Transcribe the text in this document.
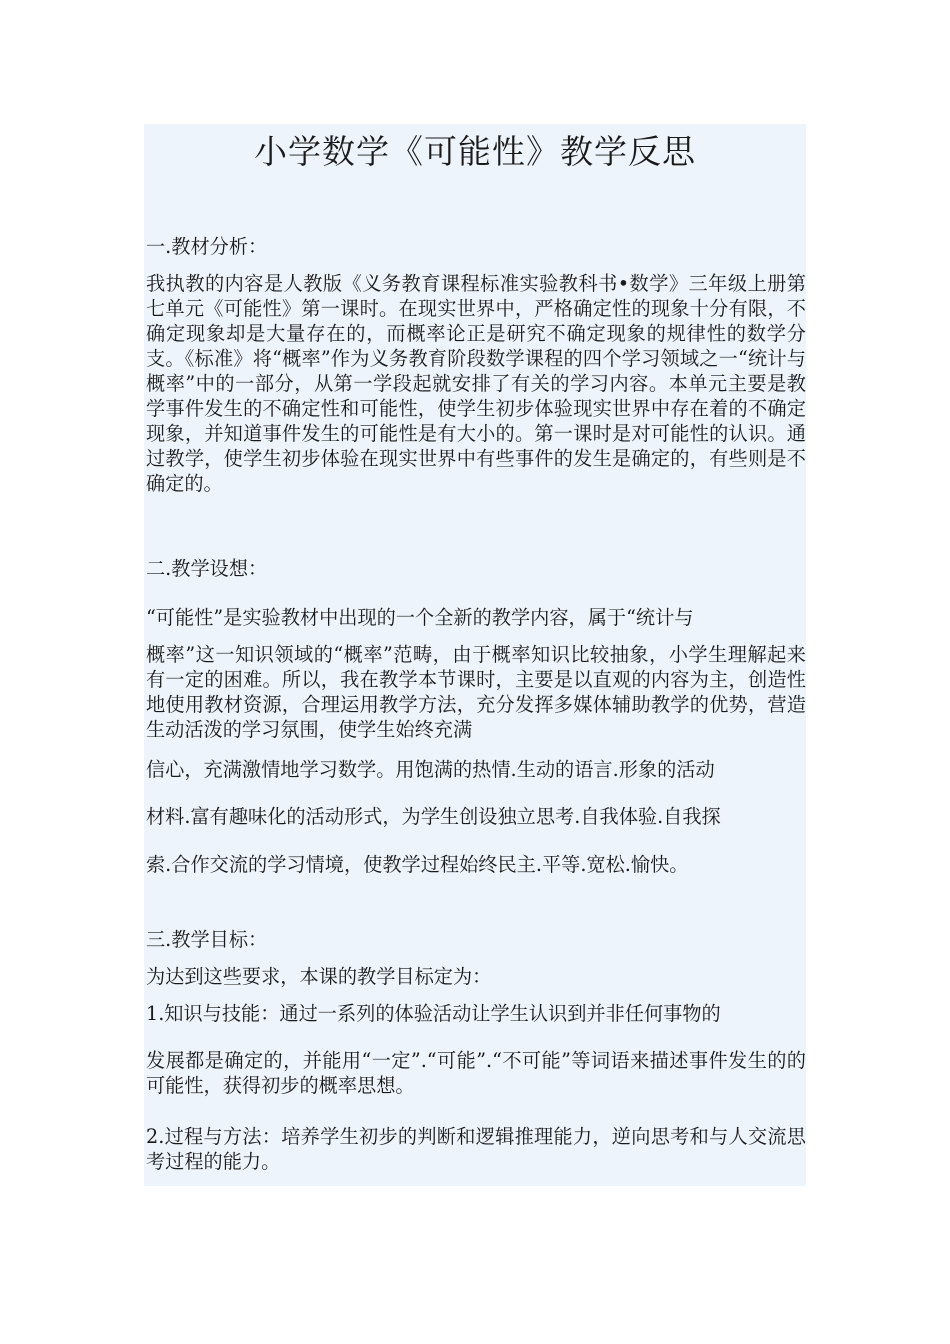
小学数学《可能性》教学反思

一.教材分析：

我执教的内容是人教版《义务教育课程标准实验教科书•数学》三年级上册第七单元《可能性》第一课时。在现实世界中，严格确定性的现象十分有限，不确定现象却是大量存在的，而概率论正是研究不确定现象的规律性的数学分支。《标准》将“概率”作为义务教育阶段数学课程的四个学习领域之一“统计与概率”中的一部分，从第一学段起就安排了有关的学习内容。本单元主要是教学事件发生的不确定性和可能性，使学生初步体验现实世界中存在着的不确定现象，并知道事件发生的可能性是有大小的。第一课时是对可能性的认识。通过教学，使学生初步体验在现实世界中有些事件的发生是确定的，有些则是不确定的。

二.教学设想：

“可能性”是实验教材中出现的一个全新的教学内容，属于“统计与

概率”这一知识领域的“概率”范畴，由于概率知识比较抽象，小学生理解起来有一定的困难。所以，我在教学本节课时，主要是以直观的内容为主，创造性地使用教材资源，合理运用教学方法，充分发挥多媒体辅助教学的优势，营造生动活泼的学习氛围，使学生始终充满

信心，充满激情地学习数学。用饱满的热情.生动的语言.形象的活动

材料.富有趣味化的活动形式，为学生创设独立思考.自我体验.自我探

索.合作交流的学习情境，使教学过程始终民主.平等.宽松.愉快。

三.教学目标：

为达到这些要求，本课的教学目标定为：

1.知识与技能：通过一系列的体验活动让学生认识到并非任何事物的

发展都是确定的，并能用“一定”.“可能”.“不可能”等词语来描述事件发生的的可能性，获得初步的概率思想。

2.过程与方法：培养学生初步的判断和逻辑推理能力，逆向思考和与人交流思考过程的能力。
